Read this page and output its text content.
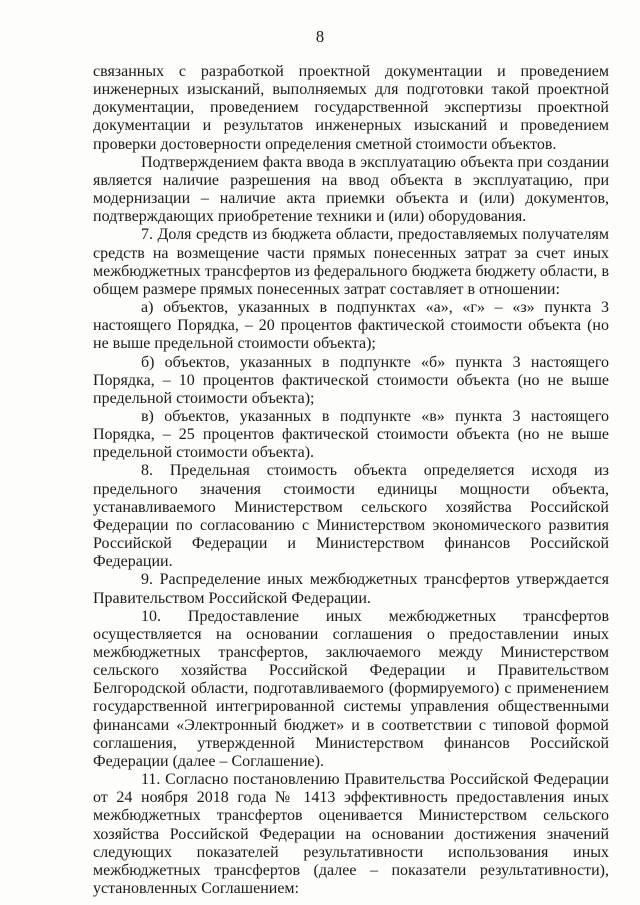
8

связанных с разработкой проектной документации и проведением инженерных изысканий, выполняемых для подготовки такой проектной документации, проведением государственной экспертизы проектной документации и результатов инженерных изысканий и проведением проверки достоверности определения сметной стоимости объектов.

Подтверждением факта ввода в эксплуатацию объекта при создании является наличие разрешения на ввод объекта в эксплуатацию, при модернизации – наличие акта приемки объекта и (или) документов, подтверждающих приобретение техники и (или) оборудования.

7. Доля средств из бюджета области, предоставляемых получателям средств на возмещение части прямых понесенных затрат за счет иных межбюджетных трансфертов из федерального бюджета бюджету области, в общем размере прямых понесенных затрат составляет в отношении:

а) объектов, указанных в подпунктах «а», «г» – «з» пункта 3 настоящего Порядка, – 20 процентов фактической стоимости объекта (но не выше предельной стоимости объекта);

б) объектов, указанных в подпункте «б» пункта 3 настоящего Порядка, – 10 процентов фактической стоимости объекта (но не выше предельной стоимости объекта);

в) объектов, указанных в подпункте «в» пункта 3 настоящего Порядка, – 25 процентов фактической стоимости объекта (но не выше предельной стоимости объекта).

8. Предельная стоимость объекта определяется исходя из предельного значения стоимости единицы мощности объекта, устанавливаемого Министерством сельского хозяйства Российской Федерации по согласованию с Министерством экономического развития Российской Федерации и Министерством финансов Российской Федерации.

9. Распределение иных межбюджетных трансфертов утверждается Правительством Российской Федерации.

10. Предоставление иных межбюджетных трансфертов осуществляется на основании соглашения о предоставлении иных межбюджетных трансфертов, заключаемого между Министерством сельского хозяйства Российской Федерации и Правительством Белгородской области, подготавливаемого (формируемого) с применением государственной интегрированной системы управления общественными финансами «Электронный бюджет» и в соответствии с типовой формой соглашения, утвержденной Министерством финансов Российской Федерации (далее – Соглашение).

11. Согласно постановлению Правительства Российской Федерации от 24 ноября 2018 года № 1413 эффективность предоставления иных межбюджетных трансфертов оценивается Министерством сельского хозяйства Российской Федерации на основании достижения значений следующих показателей результативности использования иных межбюджетных трансфертов (далее – показатели результативности), установленных Соглашением:
